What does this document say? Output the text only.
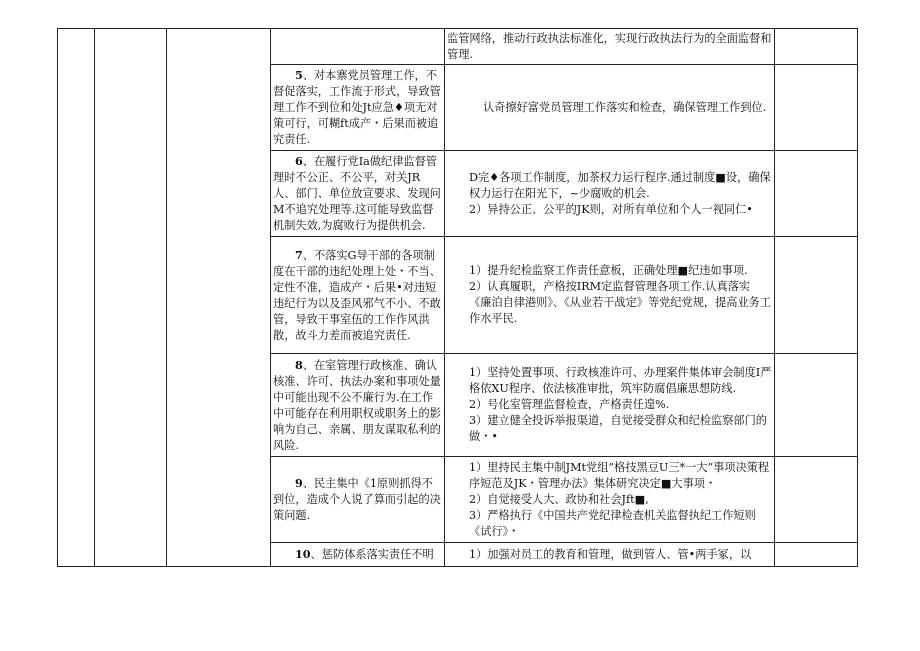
				监管网络，推动行政执法标准化，实现行政执法行为的全面监督和管理.	

			5、对本寨党员管理工作，不督促落实，工作流于形式，导致管理工作不到位和处Jt应急♦项无对策可行，可糊ft成产・后果而被追究责任.	认奇擦好富党员管理工作落实和检查，确保管理工作到位.	

			6、在履行党Ia做纪律监督管理时不公正、不公平，对关JR人、部门、单位放宣要求、发现问M不追究处理等.这可能导致监督机制失效,为腐败行为提供机会.	D完♦各项工作制度，加茶权力运行程序.通过制度■设，确保权力运行在阳光下，~少腐败的机会.

2）异持公正、公平的JK则，对所有单位和个人一视同仁•	

			7、不落实G导干部的各项制度在干部的违纪处理上处・不当、定性不准，造成产・后果•对违短违纪行为以及歪风邪气不小、不敢管，导致干事室伍的工作作风洪散，故斗力差而被追究责任.	1）提升纪检监察工作责任意板，正确处理■纪违如事项.

2）认真履职，产格按IRM定监督管理各项工作.认真落实《廉泊自律港则》、《从业若干战定》等党纪党规，提高业务工作水平民.	

			8、在室管理行政核准、确认核准、许可、执法办案和事项处量中可能出现不公不廉行为.在工作中可能存在利用职权或职务上的影响为自己、亲属、朋友谋取私利的风险.	1）坚持处置事项、行政核准许可、办理案件集体审会制度I严格依XU程序、依法核准审批，筑牢防腐倡廉思想防线.

2）号化室管理监督检查，产格责任遑%.

3）建立健全投诉举报渠道，自觉接受群众和纪检监察部门的做・•	

			9、民主集中《1原则抓得不到位，造成个人说了算而引起的决策问题.	1）里持民主集中制JMt党组”格技黑豆U三*一大”事项决策程序短范及JK・管理办法》集体研究决定■大事项・

2）自觉接受人大、政协和社会Jft■,

3）严格执行《中国共产党纪律检查机关监督执纪工作短则《试行》・	

			10、惩防体系落实责任不明	1）加强对员工的教育和管理，做到管人、管•两手冢，以	
